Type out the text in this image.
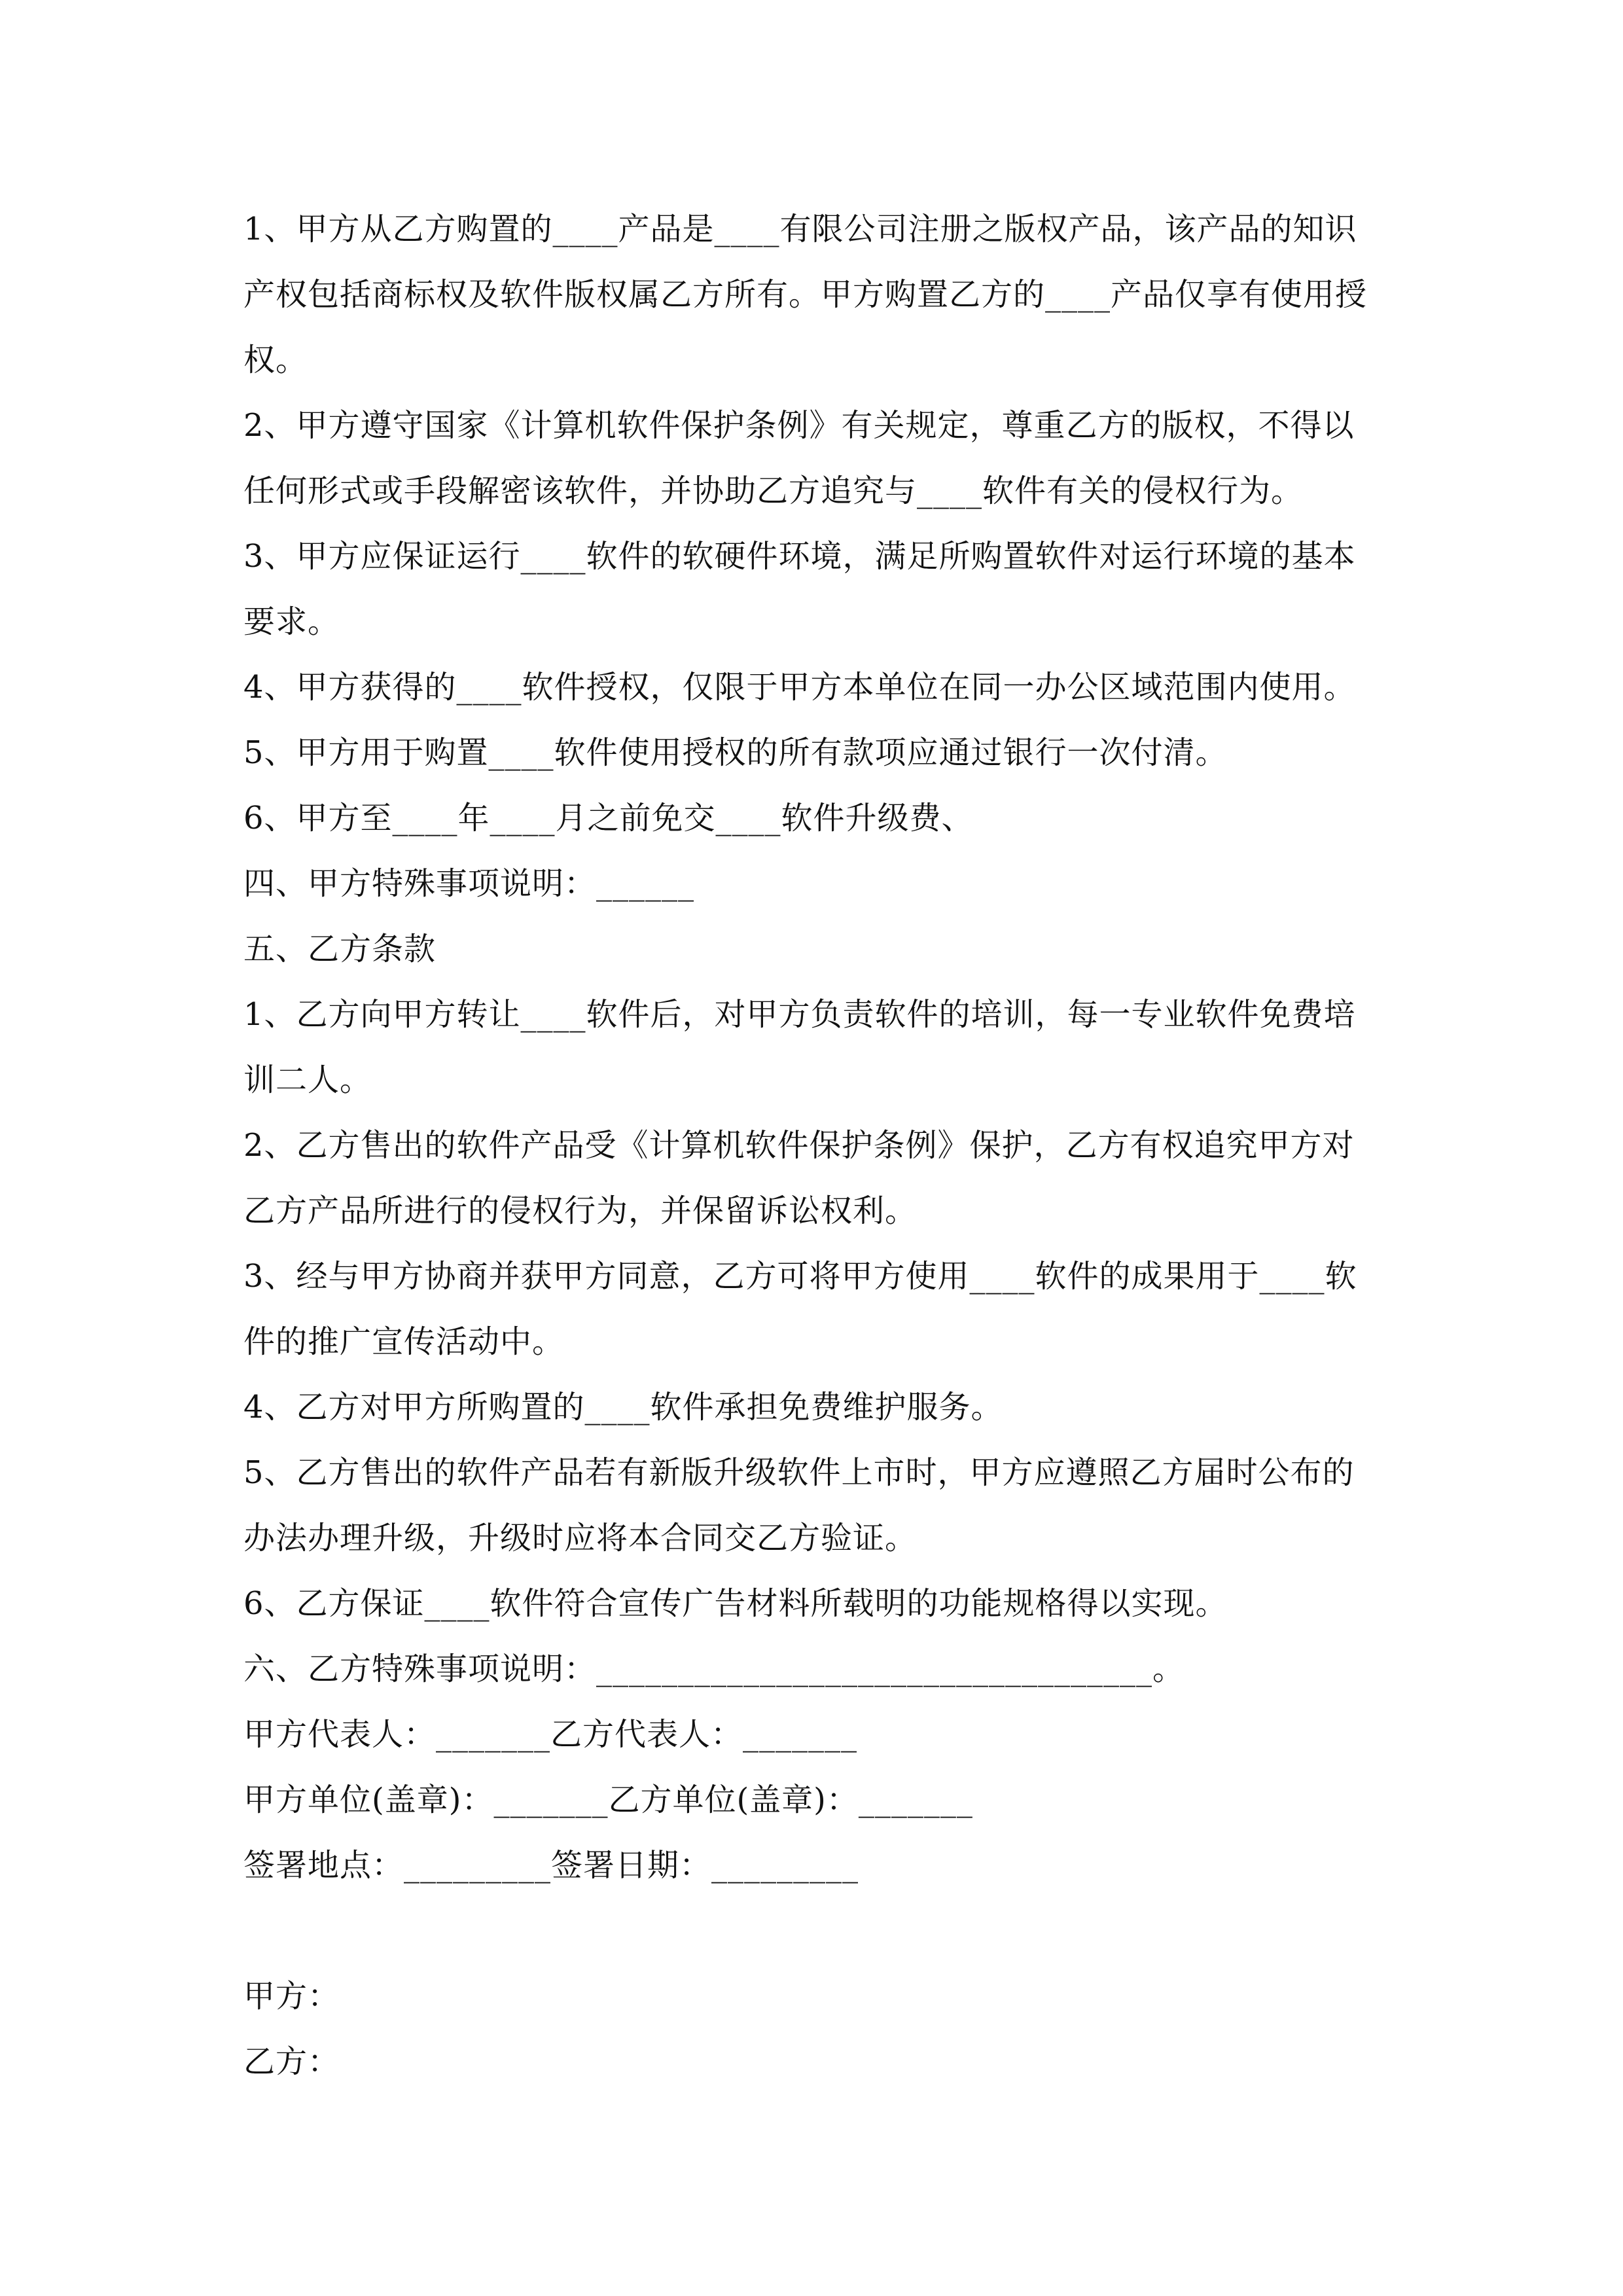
1、甲方从乙方购置的____产品是____有限公司注册之版权产品，该产品的知识
产权包括商标权及软件版权属乙方所有。甲方购置乙方的____产品仅享有使用授
权。
2、甲方遵守国家《计算机软件保护条例》有关规定，尊重乙方的版权，不得以
任何形式或手段解密该软件，并协助乙方追究与____软件有关的侵权行为。
3、甲方应保证运行____软件的软硬件环境，满足所购置软件对运行环境的基本
要求。
4、甲方获得的____软件授权，仅限于甲方本单位在同一办公区域范围内使用。
5、甲方用于购置____软件使用授权的所有款项应通过银行一次付清。
6、甲方至____年____月之前免交____软件升级费、
四、甲方特殊事项说明：______
五、乙方条款
1、乙方向甲方转让____软件后，对甲方负责软件的培训，每一专业软件免费培
训二人。
2、乙方售出的软件产品受《计算机软件保护条例》保护，乙方有权追究甲方对
乙方产品所进行的侵权行为，并保留诉讼权利。
3、经与甲方协商并获甲方同意，乙方可将甲方使用____软件的成果用于____软
件的推广宣传活动中。
4、乙方对甲方所购置的____软件承担免费维护服务。
5、乙方售出的软件产品若有新版升级软件上市时，甲方应遵照乙方届时公布的
办法办理升级，升级时应将本合同交乙方验证。
6、乙方保证____软件符合宣传广告材料所载明的功能规格得以实现。
六、乙方特殊事项说明：__________________________________。
甲方代表人：_______乙方代表人：_______
甲方单位(盖章)：_______乙方单位(盖章)：_______
签署地点：_________签署日期：_________
甲方：
乙方：
